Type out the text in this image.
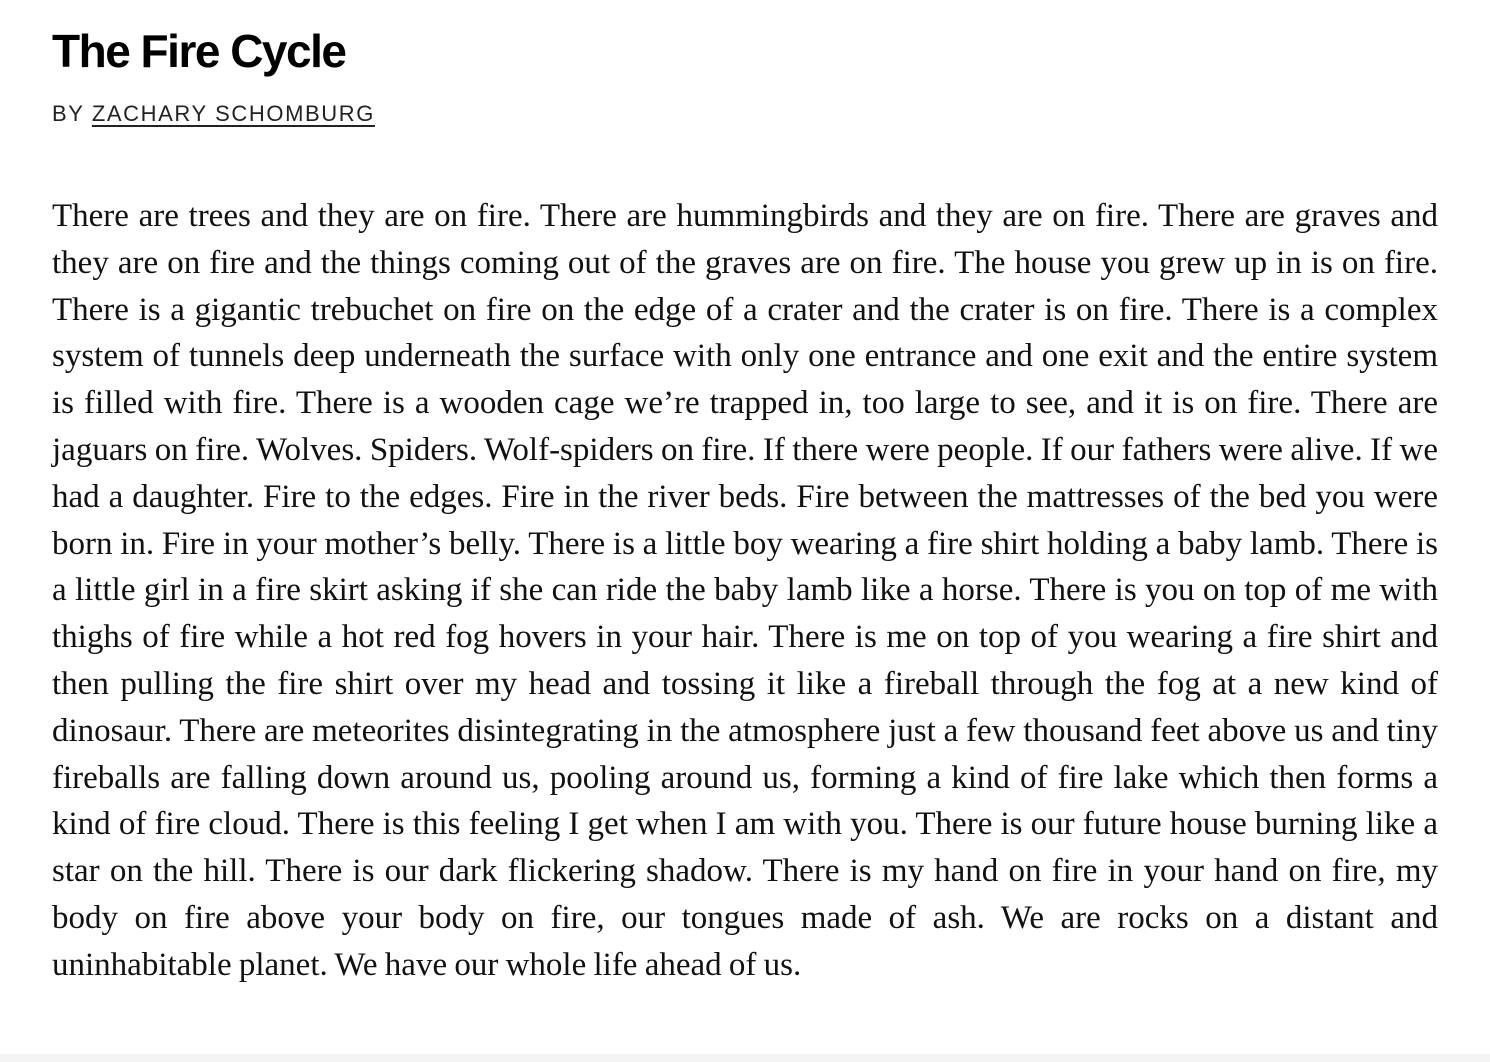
The Fire Cycle
BY ZACHARY SCHOMBURG

There are trees and they are on fire. There are hummingbirds and they are on fire. There are graves and they are on fire and the things coming out of the graves are on fire. The house you grew up in is on fire. There is a gigantic trebuchet on fire on the edge of a crater and the crater is on fire. There is a complex system of tunnels deep underneath the surface with only one entrance and one exit and the entire system is filled with fire. There is a wooden cage we’re trapped in, too large to see, and it is on fire. There are jaguars on fire. Wolves. Spiders. Wolf-spiders on fire. If there were people. If our fathers were alive. If we had a daughter. Fire to the edges. Fire in the river beds. Fire between the mattresses of the bed you were born in. Fire in your mother’s belly. There is a little boy wearing a fire shirt holding a baby lamb. There is a little girl in a fire skirt asking if she can ride the baby lamb like a horse. There is you on top of me with thighs of fire while a hot red fog hovers in your hair. There is me on top of you wearing a fire shirt and then pulling the fire shirt over my head and tossing it like a fireball through the fog at a new kind of dinosaur. There are meteorites disintegrating in the atmosphere just a few thousand feet above us and tiny fireballs are falling down around us, pooling around us, forming a kind of fire lake which then forms a kind of fire cloud. There is this feeling I get when I am with you. There is our future house burning like a star on the hill. There is our dark flickering shadow. There is my hand on fire in your hand on fire, my body on fire above your body on fire, our tongues made of ash. We are rocks on a distant and uninhabitable planet. We have our whole life ahead of us.
